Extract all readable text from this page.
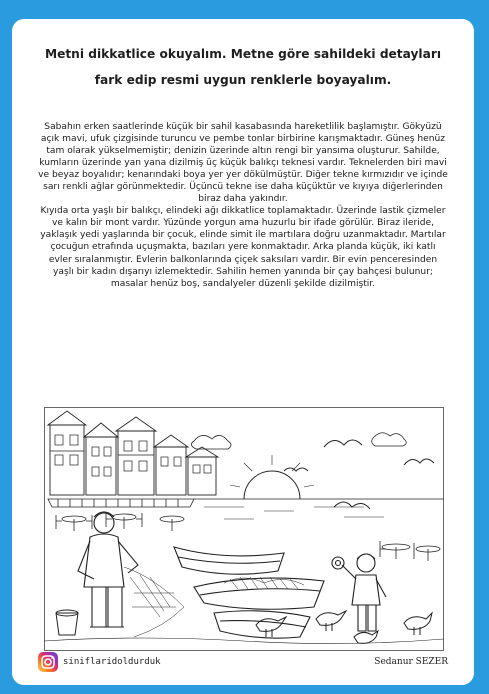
Metni dikkatlice okuyalım. Metne göre sahildeki detayları
fark edip resmi uygun renklerle boyayalım.

Sabahın erken saatlerinde küçük bir sahil kasabasında hareketlilik başlamıştır. Gökyüzü açık mavi, ufuk çizgisinde turuncu ve pembe tonlar birbirine karışmaktadır. Güneş henüz tam olarak yükselmemiştir; denizin üzerinde altın rengi bir yansıma oluşturur. Sahilde, kumların üzerinde yan yana dizilmiş üç küçük balıkçı teknesi vardır. Teknelerden biri mavi ve beyaz boyalıdır; kenarındaki boya yer yer dökülmüştür. Diğer tekne kırmızıdır ve içinde sarı renkli ağlar görünmektedir. Üçüncü tekne ise daha küçüktür ve kıyıya diğerlerinden biraz daha yakındır.

Kıyıda orta yaşlı bir balıkçı, elindeki ağı dikkatlice toplamaktadır. Üzerinde lastik çizmeler ve kalın bir mont vardır. Yüzünde yorgun ama huzurlu bir ifade görülür. Biraz ileride, yaklaşık yedi yaşlarında bir çocuk, elinde simit ile martılara doğru uzanmaktadır. Martılar çocuğun etrafında uçuşmakta, bazıları yere konmaktadır. Arka planda küçük, iki katlı evler sıralanmıştır. Evlerin balkonlarında çiçek saksıları vardır. Bir evin penceresinden yaşlı bir kadın dışarıyı izlemektedir. Sahilin hemen yanında bir çay bahçesi bulunur; masalar henüz boş, sandalyeler düzenli şekilde dizilmiştir.

siniflaridoldurduk	Sedanur SEZER
